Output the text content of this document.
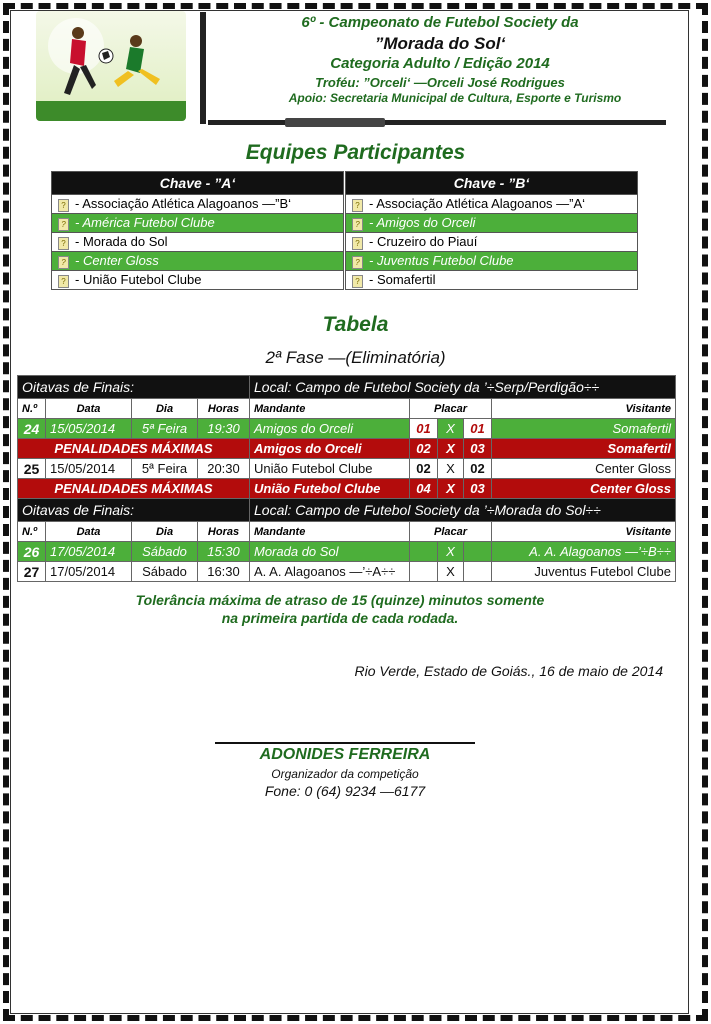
6º - Campeonato de Futebol Society da
”Morada do Sol‘
Categoria Adulto / Edição 2014
Troféu: ”Orceli‘ —Orceli José Rodrigues
Apoio: Secretaria Municipal de Cultura, Esporte e Turismo
Equipes Participantes
Chave - ”A‘
? - Associação Atlética Alagoanos —”B‘
? - América Futebol Clube
? - Morada do Sol
? - Center Gloss
? - União Futebol Clube
Chave - ”B‘
? - Associação Atlética Alagoanos —”A‘
? - Amigos do Orceli
? - Cruzeiro do Piauí
? - Juventus Futebol Clube
? - Somafertil
Tabela
2ª Fase —(Eliminatória)
Oitavas de Finais:				Local: Campo de Futebol Society da ’÷Serp/Perdigão÷÷				
N.º	Data	Dia	Horas	Mandante	Placar			Visitante
24	15/05/2014	5ª Feira	19:30	Amigos do Orceli	01	X	01	Somafertil
PENALIDADES MÁXIMAS				Amigos do Orceli	02	X	03	Somafertil
25	15/05/2014	5ª Feira	20:30	União Futebol Clube	02	X	02	Center Gloss
PENALIDADES MÁXIMAS				União Futebol Clube	04	X	03	Center Gloss
Oitavas de Finais:				Local: Campo de Futebol Society da ’÷Morada do Sol÷÷				
N.º	Data	Dia	Horas	Mandante	Placar			Visitante
26	17/05/2014	Sábado	15:30	Morada do Sol		X		A. A. Alagoanos —’÷B÷÷
27	17/05/2014	Sábado	16:30	A. A. Alagoanos —’÷A÷÷		X		Juventus Futebol Clube
Tolerância máxima de atraso de 15 (quinze) minutos somente
na primeira partida de cada rodada.
Rio Verde, Estado de Goiás., 16 de maio de 2014
ADONIDES FERREIRA
Organizador da competição
Fone: 0 (64) 9234 —6177
